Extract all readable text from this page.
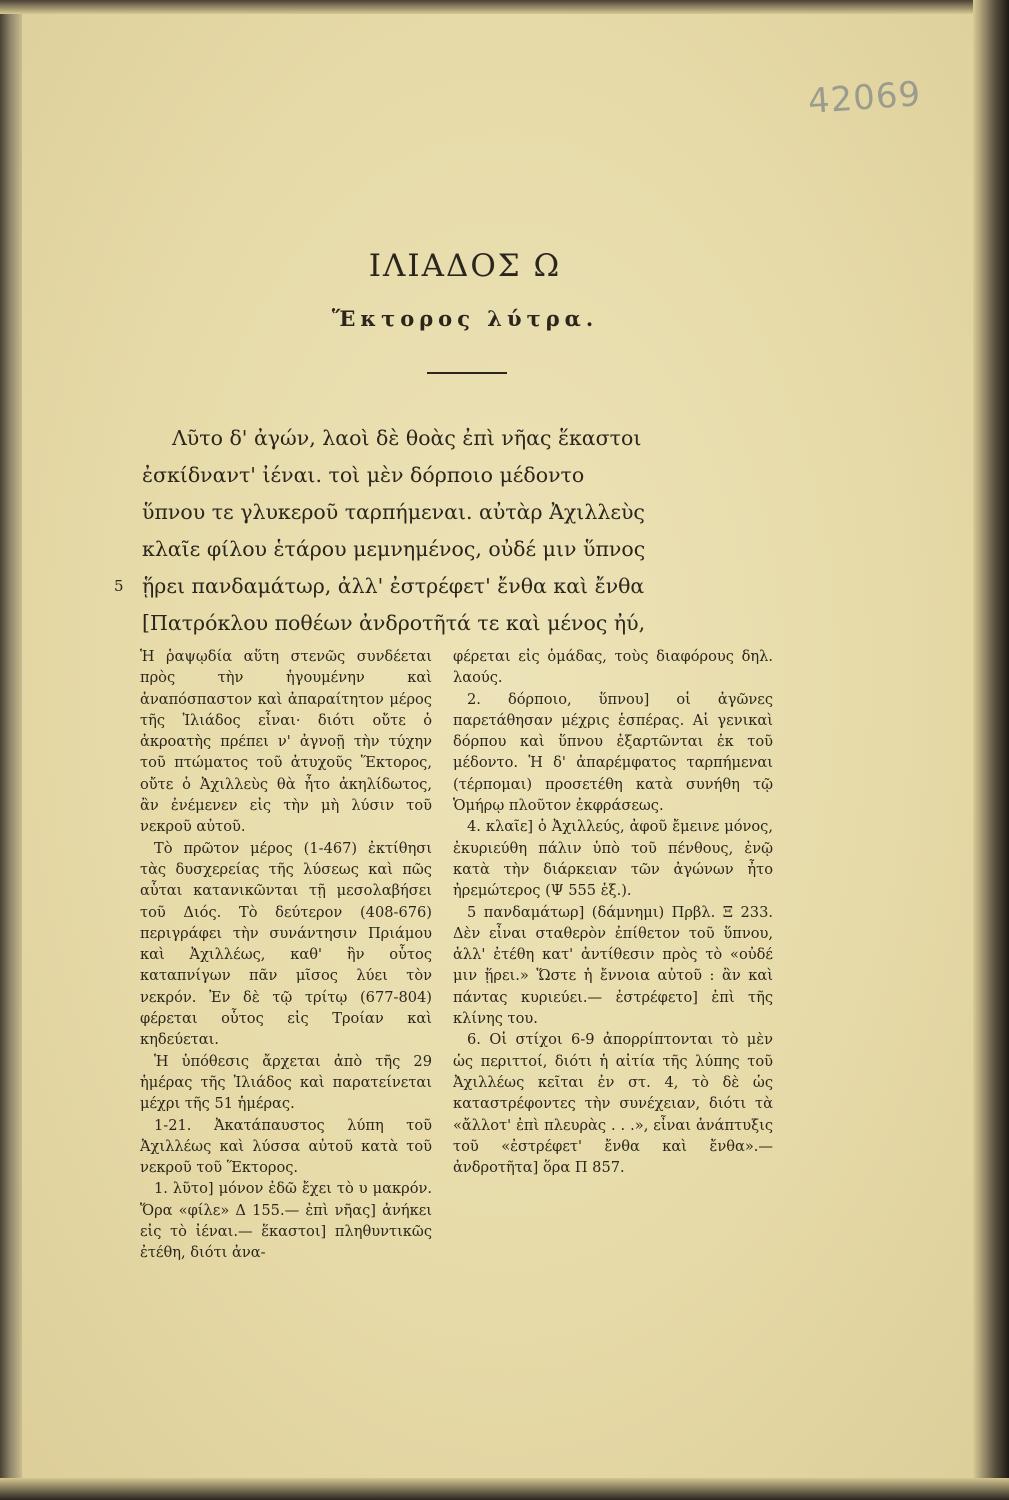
42069
ΙΛΙΑΔΟΣ Ω
Ἕκτορος λύτρα.
Λῦτο δ' ἀγών, λαοὶ δὲ θοὰς ἐπὶ νῆας ἕκαστοι
ἐσκίδναντ' ἰέναι. τοὶ μὲν δόρποιο μέδοντο
ὕπνου τε γλυκεροῦ ταρπήμεναι. αὐτὰρ Ἀχιλλεὺς
κλαῖε φίλου ἑτάρου μεμνημένος, οὐδέ μιν ὕπνος
5 ᾕρει πανδαμάτωρ, ἀλλ' ἐστρέφετ' ἔνθα καὶ ἔνθα
[Πατρόκλου ποθέων ἀνδροτῆτά τε καὶ μένος ἠύ,

Ἡ ῥαψῳδία αὕτη στενῶς συνδέεται πρὸς τὴν ἡγουμένην καὶ ἀναπόσπαστον καὶ ἀπαραίτητον μέρος τῆς Ἰλιάδος εἶναι· διότι οὔτε ὁ ἀκροατὴς πρέπει ν' ἀγνοῇ τὴν τύχην τοῦ πτώματος τοῦ ἀτυχοῦς Ἕκτορος, οὔτε ὁ Ἀχιλλεὺς θὰ ἦτο ἀκηλίδωτος, ἂν ἐνέμενεν εἰς τὴν μὴ λύσιν τοῦ νεκροῦ αὐτοῦ.

Τὸ πρῶτον μέρος (1-467) ἐκτίθησι τὰς δυσχερείας τῆς λύσεως καὶ πῶς αὗται κατανικῶνται τῇ μεσολαβήσει τοῦ Διός. Τὸ δεύτερον (408-676) περιγράφει τὴν συνάντησιν Πριάμου καὶ Ἀχιλλέως, καθ' ἣν οὗτος καταπνίγων πᾶν μῖσος λύει τὸν νεκρόν. Ἐν δὲ τῷ τρίτῳ (677-804) φέρεται οὗτος εἰς Τροίαν καὶ κηδεύεται.

Ἡ ὑπόθεσις ἄρχεται ἀπὸ τῆς 29 ἡμέρας τῆς Ἰλιάδος καὶ παρατείνεται μέχρι τῆς 51 ἡμέρας.

1-21. Ἀκατάπαυστος λύπη τοῦ Ἀχιλλέως καὶ λύσσα αὐτοῦ κατὰ τοῦ νεκροῦ τοῦ Ἕκτορος.

1. λῦτο] μόνον ἐδῶ ἔχει τὸ υ μακρόν. Ὅρα «φίλε» Δ 155.— ἐπὶ νῆας] ἀνήκει εἰς τὸ ἰέναι.— ἕκαστοι] πληθυντικῶς ἐτέθη, διότι ἀνα-

φέρεται εἰς ὁμάδας, τοὺς διαφόρους δηλ. λαούς.

2. δόρποιο, ὕπνου] οἱ ἀγῶνες παρετάθησαν μέχρις ἑσπέρας. Αἱ γενικαὶ δόρπου καὶ ὕπνου ἐξαρτῶνται ἐκ τοῦ μέδοντο. Ἡ δ' ἀπαρέμφατος ταρπήμεναι (τέρπομαι) προσετέθη κατὰ συνήθη τῷ Ὁμήρῳ πλοῦτον ἐκφράσεως.

4. κλαῖε] ὁ Ἀχιλλεύς, ἀφοῦ ἔμεινε μόνος, ἐκυριεύθη πάλιν ὑπὸ τοῦ πένθους, ἐνῷ κατὰ τὴν διάρκειαν τῶν ἀγώνων ἦτο ἠρεμώτερος (Ψ 555 ἑξ.).

5 πανδαμάτωρ] (δάμνημι) Πρβλ. Ξ 233. Δὲν εἶναι σταθερὸν ἐπίθετον τοῦ ὕπνου, ἀλλ' ἐτέθη κατ' ἀντίθεσιν πρὸς τὸ «οὐδέ μιν ᾕρει.» Ὥστε ἡ ἔννοια αὐτοῦ : ἂν καὶ πάντας κυριεύει.— ἐστρέφετο] ἐπὶ τῆς κλίνης του.

6. Οἱ στίχοι 6-9 ἀπορρίπτονται τὸ μὲν ὡς περιττοί, διότι ἡ αἰτία τῆς λύπης τοῦ Ἀχιλλέως κεῖται ἐν στ. 4, τὸ δὲ ὡς καταστρέφοντες τὴν συνέχειαν, διότι τὰ «ἄλλοτ' ἐπὶ πλευρὰς . . .», εἶναι ἀνάπτυξις τοῦ «ἐστρέφετ' ἔνθα καὶ ἔνθα».— ἀνδροτῆτα] ὅρα Π 857.
